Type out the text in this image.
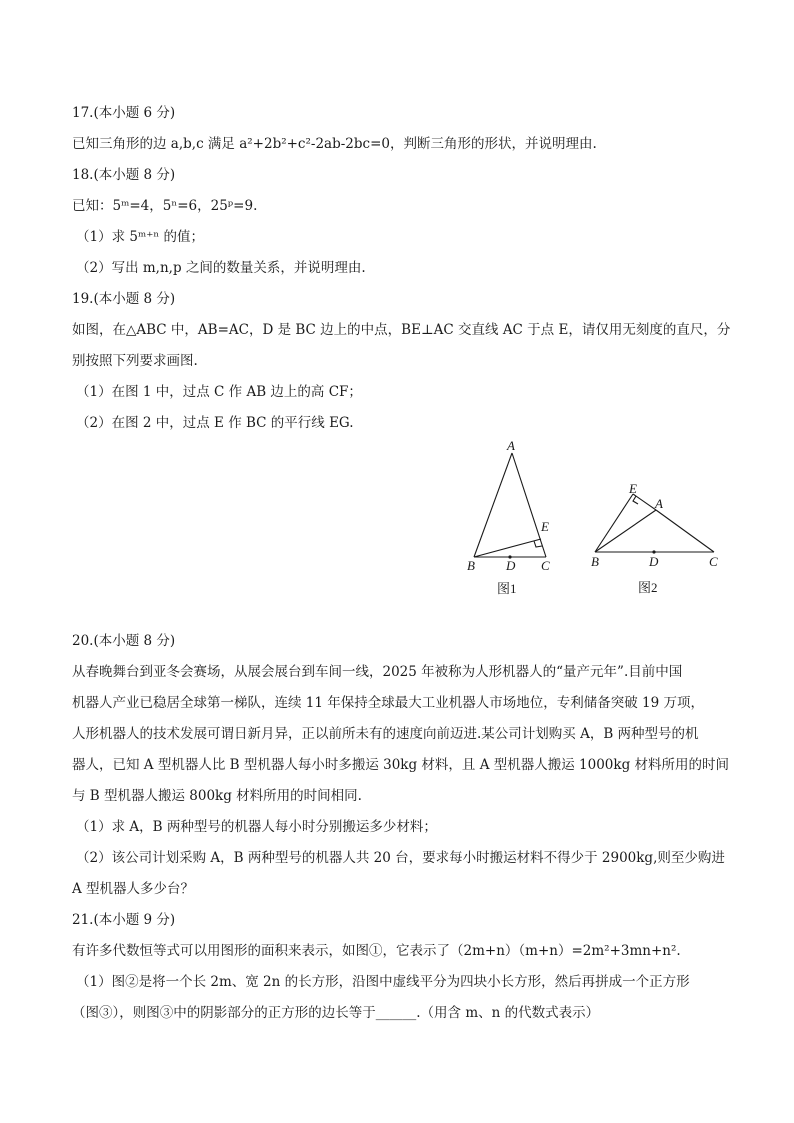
17.(本小题 6 分)
已知三角形的边 a,b,c 满足 a²+2b²+c²-2ab-2bc=0，判断三角形的形状，并说明理由.
18.(本小题 8 分)
已知：5ᵐ=4，5ⁿ=6，25ᵖ=9.
（1）求 5ᵐ⁺ⁿ 的值；
（2）写出 m,n,p 之间的数量关系，并说明理由.
19.(本小题 8 分)
如图，在△ABC 中，AB=AC，D 是 BC 边上的中点，BE⊥AC 交直线 AC 于点 E，请仅用无刻度的直尺，分
别按照下列要求画图.
（1）在图 1 中，过点 C 作 AB 边上的高 CF；
（2）在图 2 中，过点 E 作 BC 的平行线 EG.
A
E
B D C
图1
E
A
B	D	C
图2
20.(本小题 8 分)
从春晚舞台到亚冬会赛场，从展会展台到车间一线，2025 年被称为人形机器人的“量产元年”.目前中国
机器人产业已稳居全球第一梯队，连续 11 年保持全球最大工业机器人市场地位，专利储备突破 19 万项，
人形机器人的技术发展可谓日新月异，正以前所未有的速度向前迈进.某公司计划购买 A，B 两种型号的机
器人，已知 A 型机器人比 B 型机器人每小时多搬运 30kg 材料，且 A 型机器人搬运 1000kg 材料所用的时间
与 B 型机器人搬运 800kg 材料所用的时间相同.
（1）求 A，B 两种型号的机器人每小时分别搬运多少材料；
（2）该公司计划采购 A，B 两种型号的机器人共 20 台，要求每小时搬运材料不得少于 2900kg,则至少购进
A 型机器人多少台？
21.(本小题 9 分)
有许多代数恒等式可以用图形的面积来表示，如图①，它表示了（2m+n）（m+n）=2m²+3mn+n².
（1）图②是将一个长 2m、宽 2n 的长方形，沿图中虚线平分为四块小长方形，然后再拼成一个正方形
（图③），则图③中的阴影部分的正方形的边长等于______.（用含 m、n 的代数式表示）
